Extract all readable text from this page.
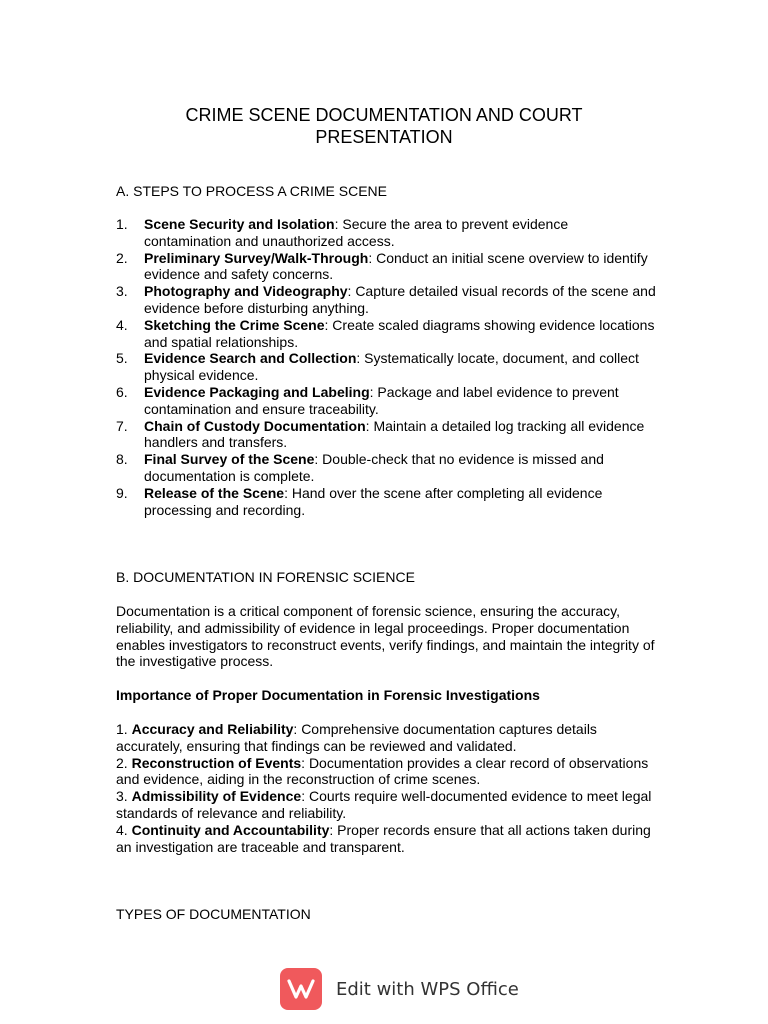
CRIME SCENE DOCUMENTATION AND COURT
PRESENTATION
A. STEPS TO PROCESS A CRIME SCENE
1.	Scene Security and Isolation: Secure the area to prevent evidence contamination and unauthorized access.
2.	Preliminary Survey/Walk-Through: Conduct an initial scene overview to identify evidence and safety concerns.
3.	Photography and Videography: Capture detailed visual records of the scene and evidence before disturbing anything.
4.	Sketching the Crime Scene: Create scaled diagrams showing evidence locations and spatial relationships.
5.	Evidence Search and Collection: Systematically locate, document, and collect physical evidence.
6.	Evidence Packaging and Labeling: Package and label evidence to prevent contamination and ensure traceability.
7.	Chain of Custody Documentation: Maintain a detailed log tracking all evidence handlers and transfers.
8.	Final Survey of the Scene: Double-check that no evidence is missed and documentation is complete.
9.	Release of the Scene: Hand over the scene after completing all evidence processing and recording.
B. DOCUMENTATION IN FORENSIC SCIENCE

Documentation is a critical component of forensic science, ensuring the accuracy, reliability, and admissibility of evidence in legal proceedings. Proper documentation enables investigators to reconstruct events, verify findings, and maintain the integrity of the investigative process.

Importance of Proper Documentation in Forensic Investigations

1. Accuracy and Reliability: Comprehensive documentation captures details accurately, ensuring that findings can be reviewed and validated.
2. Reconstruction of Events: Documentation provides a clear record of observations and evidence, aiding in the reconstruction of crime scenes.
3. Admissibility of Evidence: Courts require well-documented evidence to meet legal standards of relevance and reliability.
4. Continuity and Accountability: Proper records ensure that all actions taken during an investigation are traceable and transparent.
TYPES OF DOCUMENTATION
Edit with WPS Office
